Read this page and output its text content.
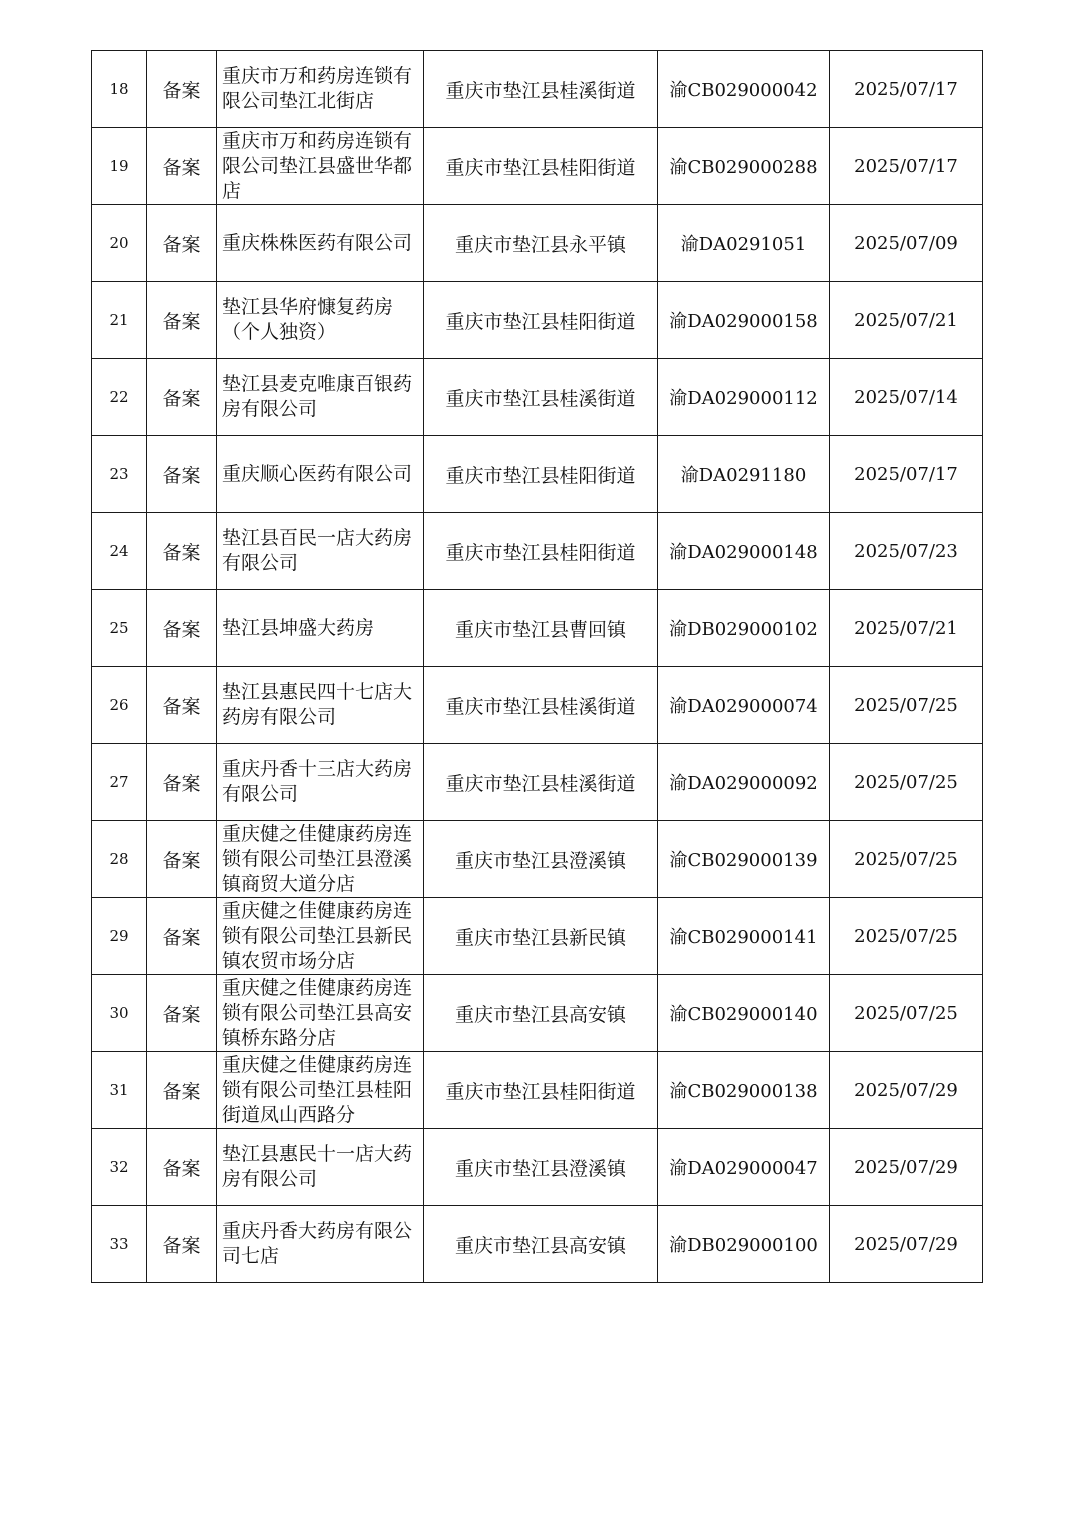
18	备案	重庆市万和药房连锁有限公司垫江北街店	重庆市垫江县桂溪街道	渝CB029000042	2025/07/17
19	备案	重庆市万和药房连锁有限公司垫江县盛世华都店	重庆市垫江县桂阳街道	渝CB029000288	2025/07/17
20	备案	重庆株株医药有限公司	重庆市垫江县永平镇	渝DA0291051	2025/07/09
21	备案	垫江县华府慷复药房（个人独资）	重庆市垫江县桂阳街道	渝DA029000158	2025/07/21
22	备案	垫江县麦克唯康百银药房有限公司	重庆市垫江县桂溪街道	渝DA029000112	2025/07/14
23	备案	重庆顺心医药有限公司	重庆市垫江县桂阳街道	渝DA0291180	2025/07/17
24	备案	垫江县百民一店大药房有限公司	重庆市垫江县桂阳街道	渝DA029000148	2025/07/23
25	备案	垫江县坤盛大药房	重庆市垫江县曹回镇	渝DB029000102	2025/07/21
26	备案	垫江县惠民四十七店大药房有限公司	重庆市垫江县桂溪街道	渝DA029000074	2025/07/25
27	备案	重庆丹香十三店大药房有限公司	重庆市垫江县桂溪街道	渝DA029000092	2025/07/25
28	备案	重庆健之佳健康药房连锁有限公司垫江县澄溪镇商贸大道分店	重庆市垫江县澄溪镇	渝CB029000139	2025/07/25
29	备案	重庆健之佳健康药房连锁有限公司垫江县新民镇农贸市场分店	重庆市垫江县新民镇	渝CB029000141	2025/07/25
30	备案	重庆健之佳健康药房连锁有限公司垫江县高安镇桥东路分店	重庆市垫江县高安镇	渝CB029000140	2025/07/25
31	备案	重庆健之佳健康药房连锁有限公司垫江县桂阳街道凤山西路分	重庆市垫江县桂阳街道	渝CB029000138	2025/07/29
32	备案	垫江县惠民十一店大药房有限公司	重庆市垫江县澄溪镇	渝DA029000047	2025/07/29
33	备案	重庆丹香大药房有限公司七店	重庆市垫江县高安镇	渝DB029000100	2025/07/29
